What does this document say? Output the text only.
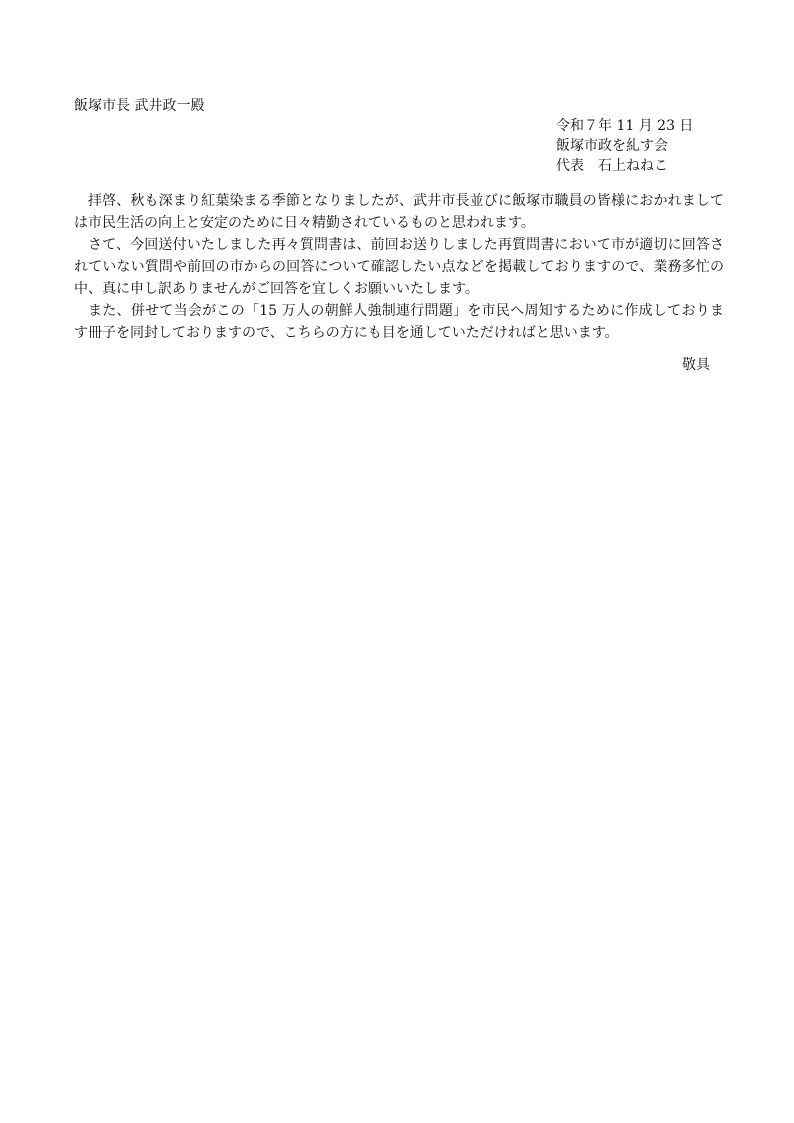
飯塚市長 武井政一殿
令和７年 11 月 23 日
飯塚市政を糺す会
代表　石上ねねこ

拝啓、秋も深まり紅葉染まる季節となりましたが、武井市長並びに飯塚市職員の皆様におかれましては市民生活の向上と安定のために日々精勤されているものと思われます。

さて、今回送付いたしました再々質問書は、前回お送りしました再質問書において市が適切に回答されていない質問や前回の市からの回答について確認したい点などを掲載しておりますので、業務多忙の中、真に申し訳ありませんがご回答を宜しくお願いいたします。

また、併せて当会がこの「15 万人の朝鮮人強制連行問題」を市民へ周知するために作成しております冊子を同封しておりますので、こちらの方にも目を通していただければと思います。

敬具
